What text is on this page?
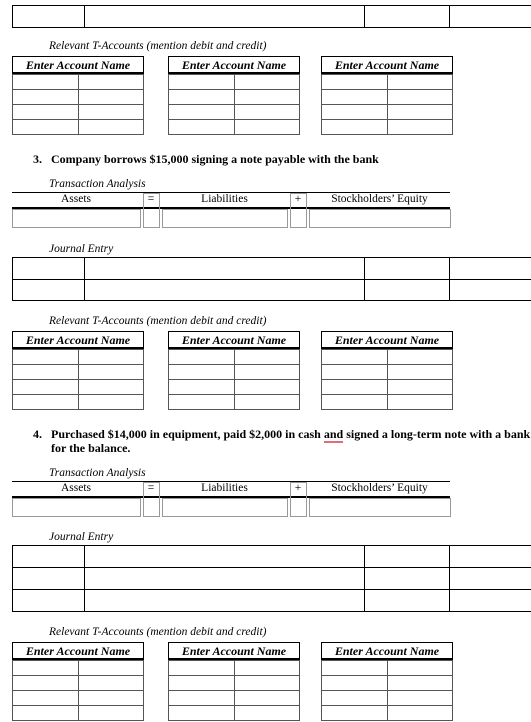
Relevant T-Accounts (mention debit and credit)
Enter Account Name

		Enter Account Name

		Enter Account Name

3. Company borrows $15,000 signing a note payable with the bank
Transaction Analysis
Assets	=	Liabilities	+	Stockholders’ Equity
Journal Entry

Relevant T-Accounts (mention debit and credit)
Enter Account Name

		Enter Account Name

		Enter Account Name

4. Purchased $14,000 in equipment, paid $2,000 in cash and signed a long-term note with a bank
for the balance.
Transaction Analysis
Assets	=	Liabilities	+	Stockholders’ Equity
Journal Entry

Relevant T-Accounts (mention debit and credit)
Enter Account Name

		Enter Account Name

		Enter Account Name
